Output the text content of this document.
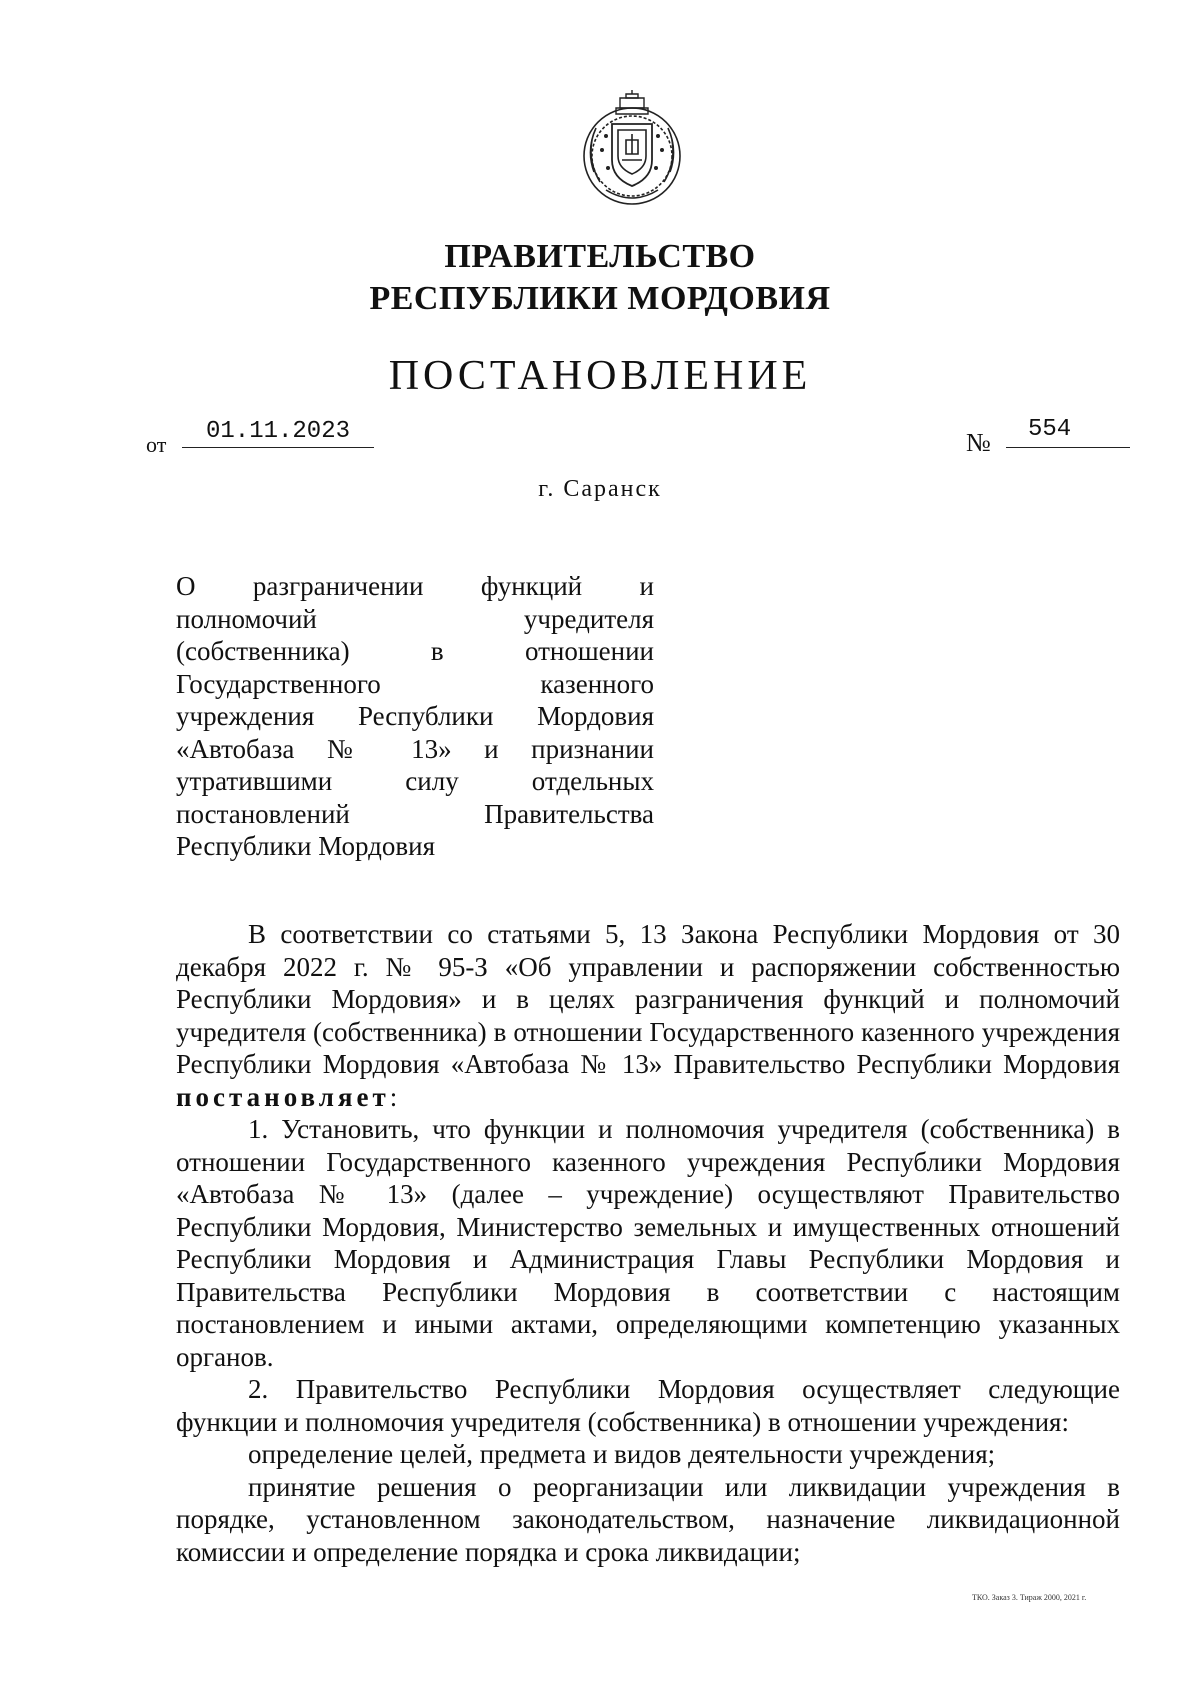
ПРАВИТЕЛЬСТВО
РЕСПУБЛИКИ МОРДОВИЯ
ПОСТАНОВЛЕНИЕ
от	01.11.2023	№	554
г. Саранск
О разграничении функций и
полномочий учредителя
(собственника) в отношении
Государственного казенного
учреждения Республики Мордовия
«Автобаза № 13» и признании
утратившими силу отдельных
постановлений Правительства
Республики Мордовия

В соответствии со статьями 5, 13 Закона Республики Мордовия от 30 декабря 2022 г. № 95-З «Об управлении и распоряжении собственностью Республики Мордовия» и в целях разграничения функций и полномочий учредителя (собственника) в отношении Государственного казенного учреждения Республики Мордовия «Автобаза № 13» Правительство Республики Мордовия постановляет:

1. Установить, что функции и полномочия учредителя (собственника) в отношении Государственного казенного учреждения Республики Мордовия «Автобаза № 13» (далее – учреждение) осуществляют Правительство Республики Мордовия, Министерство земельных и имущественных отношений Республики Мордовия и Администрация Главы Республики Мордовия и Правительства Республики Мордовия в соответствии с настоящим постановлением и иными актами, определяющими компетенцию указанных органов.

2. Правительство Республики Мордовия осуществляет следующие функции и полномочия учредителя (собственника) в отношении учреждения:

определение целей, предмета и видов деятельности учреждения;

принятие решения о реорганизации или ликвидации учреждения в порядке, установленном законодательством, назначение ликвидационной комиссии и определение порядка и срока ликвидации;

ТКО. Заказ 3. Тираж 2000, 2021 г.
